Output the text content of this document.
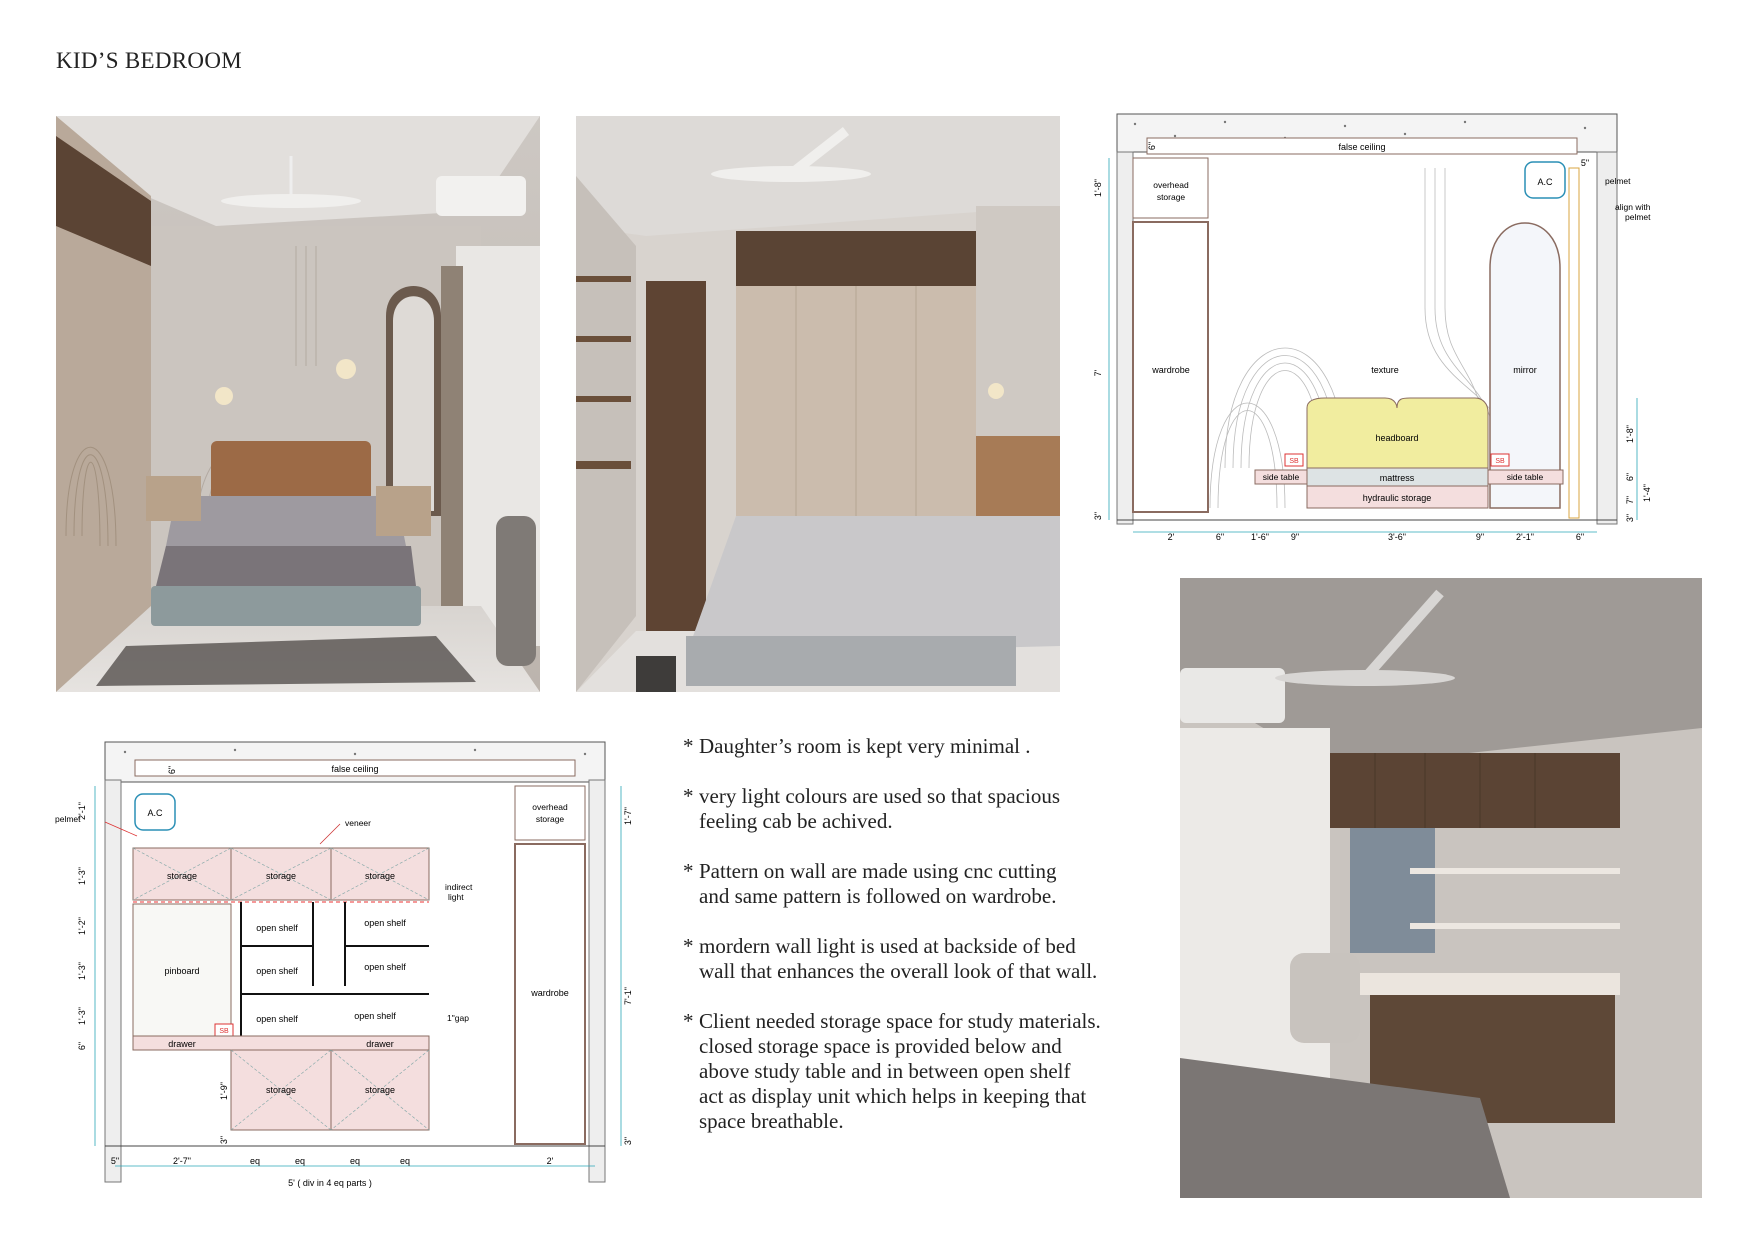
KID’S BEDROOM
false ceiling
overhead
storage
wardrobe	texture
A.C
mirror
pelmet
align with
pelmet
headboard
mattress
hydraulic storage
side table	side table
SB	SB
2'	6"	1'-6" 9"	3'-6"	9"	2'-1"	6"
1'-8"
7'
3"
6"
5"
1'-8"
6"
1'-4"
7"
3"
false ceiling
A.C
pelmet	veneer
storage	storage	storage
indirect
light
pinboard
open shelf	open shelf
open shelf	open shelf
open shelf	open shelf	1"gap
SB
drawer	drawer
storage	storage
overhead
storage
wardrobe
5"	2'-7"	eq	eq	eq	eq	2'
5' ( div in 4 eq parts )
2'-1"
1'-3"
1'-2"
1'-3"
1'-3"
6"
1'-9"
3"
6"
1'-7"
7'-1"
3"
* Daughter’s room is kept very minimal .
* very light colours are used so that spacious
feeling cab be achived.
* Pattern on wall are made using cnc cutting
and same pattern is followed on wardrobe.
* mordern wall light is used at backside of bed
wall that enhances the overall look of that wall.
* Client needed storage space for study materials.
closed storage space is provided below and
above study table and in between open shelf
act as display unit which helps in keeping that
space breathable.
